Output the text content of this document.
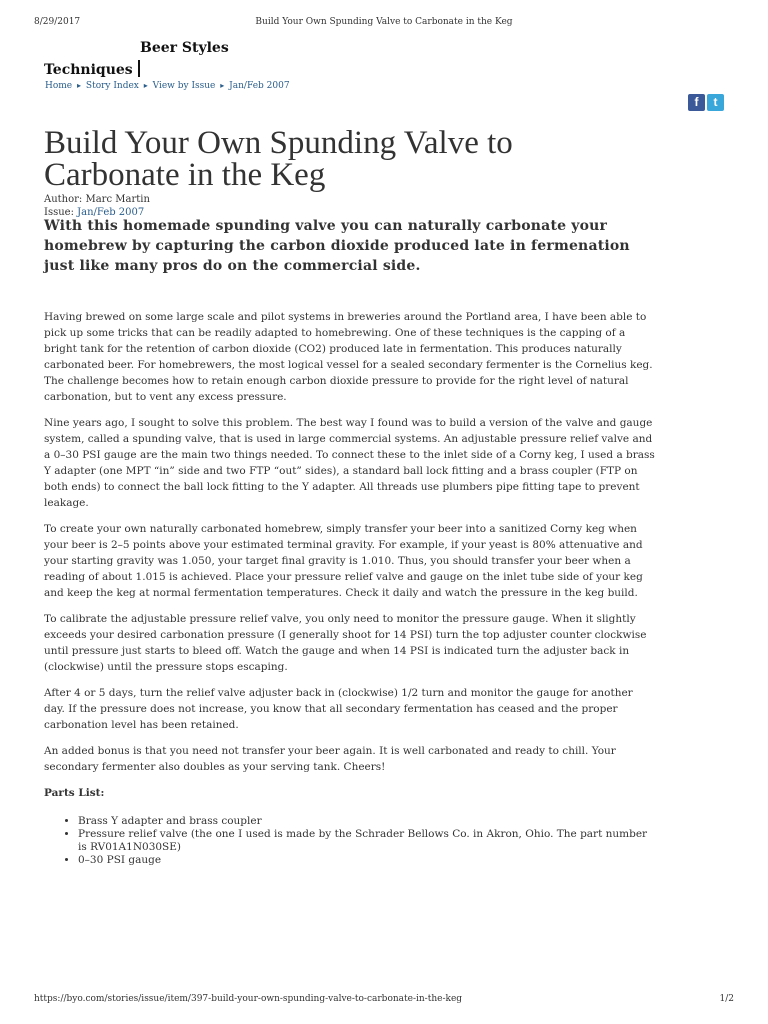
8/29/2017	Build Your Own Spunding Valve to Carbonate in the Keg
Beer Styles
Techniques
Home ▸ Story Index ▸ View by Issue ▸ Jan/Feb 2007
f t
Build Your Own Spunding Valve to Carbonate in the Keg
Author: Marc Martin
Issue: Jan/Feb 2007
With this homemade spunding valve you can naturally carbonate your homebrew by capturing the carbon dioxide produced late in fermenation just like many pros do on the commercial side.

Having brewed on some large scale and pilot systems in breweries around the Portland area, I have been able to pick up some tricks that can be readily adapted to homebrewing. One of these techniques is the capping of a bright tank for the retention of carbon dioxide (CO2) produced late in fermentation. This produces naturally carbonated beer. For homebrewers, the most logical vessel for a sealed secondary fermenter is the Cornelius keg. The challenge becomes how to retain enough carbon dioxide pressure to provide for the right level of natural carbonation, but to vent any excess pressure.

Nine years ago, I sought to solve this problem. The best way I found was to build a version of the valve and gauge system, called a spunding valve, that is used in large commercial systems. An adjustable pressure relief valve and a 0–30 PSI gauge are the main two things needed. To connect these to the inlet side of a Corny keg, I used a brass Y adapter (one MPT “in” side and two FTP “out” sides), a standard ball lock fitting and a brass coupler (FTP on both ends) to connect the ball lock fitting to the Y adapter. All threads use plumbers pipe fitting tape to prevent leakage.

To create your own naturally carbonated homebrew, simply transfer your beer into a sanitized Corny keg when your beer is 2–5 points above your estimated terminal gravity. For example, if your yeast is 80% attenuative and your starting gravity was 1.050, your target final gravity is 1.010. Thus, you should transfer your beer when a reading of about 1.015 is achieved. Place your pressure relief valve and gauge on the inlet tube side of your keg and keep the keg at normal fermentation temperatures. Check it daily and watch the pressure in the keg build.

To calibrate the adjustable pressure relief valve, you only need to monitor the pressure gauge. When it slightly exceeds your desired carbonation pressure (I generally shoot for 14 PSI) turn the top adjuster counter clockwise until pressure just starts to bleed off. Watch the gauge and when 14 PSI is indicated turn the adjuster back in (clockwise) until the pressure stops escaping.

After 4 or 5 days, turn the relief valve adjuster back in (clockwise) 1/2 turn and monitor the gauge for another day. If the pressure does not increase, you know that all secondary fermentation has ceased and the proper carbonation level has been retained.

An added bonus is that you need not transfer your beer again. It is well carbonated and ready to chill. Your secondary fermenter also doubles as your serving tank. Cheers!

Parts List:
• Brass Y adapter and brass coupler
• Pressure relief valve (the one I used is made by the Schrader Bellows Co. in Akron, Ohio. The part number is RV01A1N030SE)
• 0–30 PSI gauge
https://byo.com/stories/issue/item/397-build-your-own-spunding-valve-to-carbonate-in-the-keg	1/2
